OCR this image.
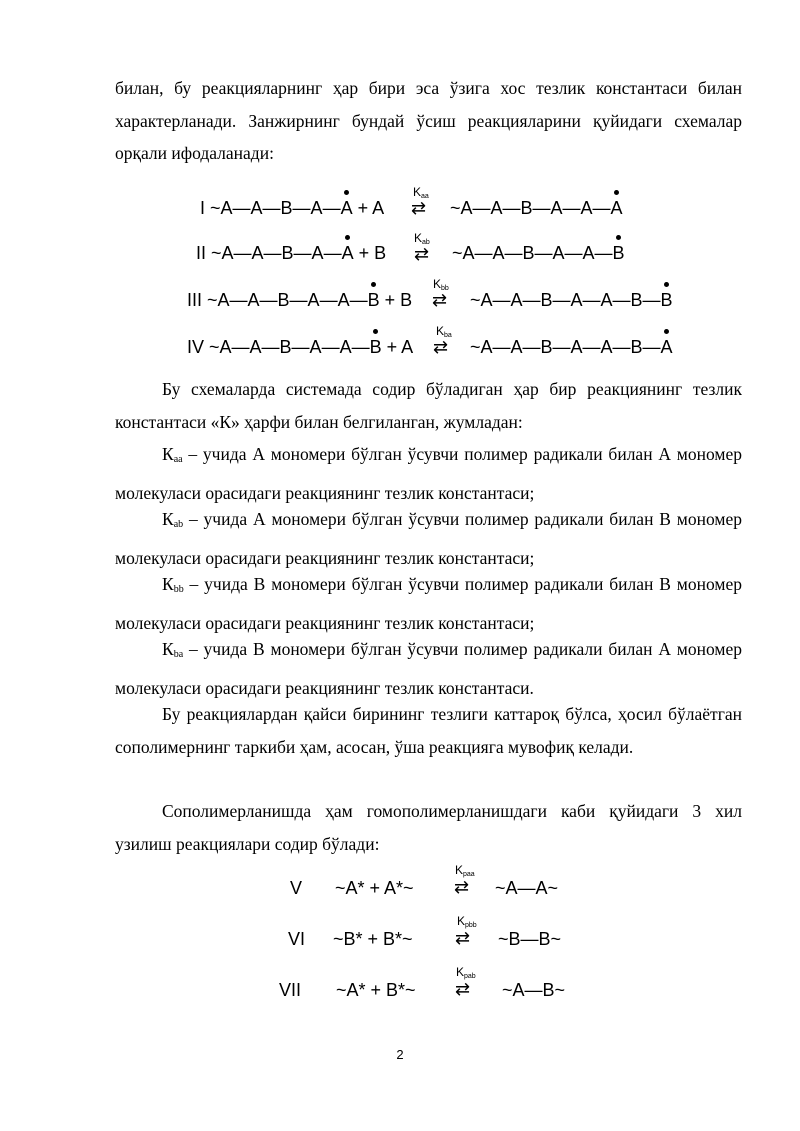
билан, бу реакцияларнинг ҳар бири эса ўзига хос тезлик константаси билан характерланади. Занжирнинг бундай ўсиш реакцияларини қуйидаги схемалар орқали ифодаланади:

I ~A—A—B—A—A + A
$K_{aa}$
⇄ ~A—A—B—A—A—A
II ~A—A—B—A—A + B
$K_{ab}$
⇄ ~A—A—B—A—A—B
III ~A—A—B—A—A—B + B
$K_{bb}$
⇄ ~A—A—B—A—A—B—B
IV ~A—A—B—A—A—B + A
$K_{ba}$
⇄ ~A—A—B—A—A—B—A

Бу схемаларда системада содир бўладиган ҳар бир реакциянинг тезлик константаси «К» ҳарфи билан белгиланган, жумладан:

$К_{aa}$ – учида А мономери бўлган ўсувчи полимер радикали билан А мономер молекуласи орасидаги реакциянинг тезлик константаси;

$К_{ab}$ – учида А мономери бўлган ўсувчи полимер радикали билан В мономер молекуласи орасидаги реакциянинг тезлик константаси;

$К_{bb}$ – учида В мономери бўлган ўсувчи полимер радикали билан В мономер молекуласи орасидаги реакциянинг тезлик константаси;

$К_{ba}$ – учида В мономери бўлган ўсувчи полимер радикали билан А мономер молекуласи орасидаги реакциянинг тезлик константаси.

Бу реакциялардан қайси бирининг тезлиги каттароқ бўлса, ҳосил бўлаётган сополимернинг таркиби ҳам, асосан, ўша реакцияга мувофиқ келади.

Сополимерланишда ҳам гомополимерланишдаги каби қуйидаги 3 хил узилиш реакциялари содир бўлади:

V ~A* + A*~
$K_{рaa}$
⇄ ~A—A~
VI ~B* + B*~
$K_{рbb}$
⇄ ~B—B~
VII ~A* + B*~
$K_{рab}$
⇄ ~A—B~
2
